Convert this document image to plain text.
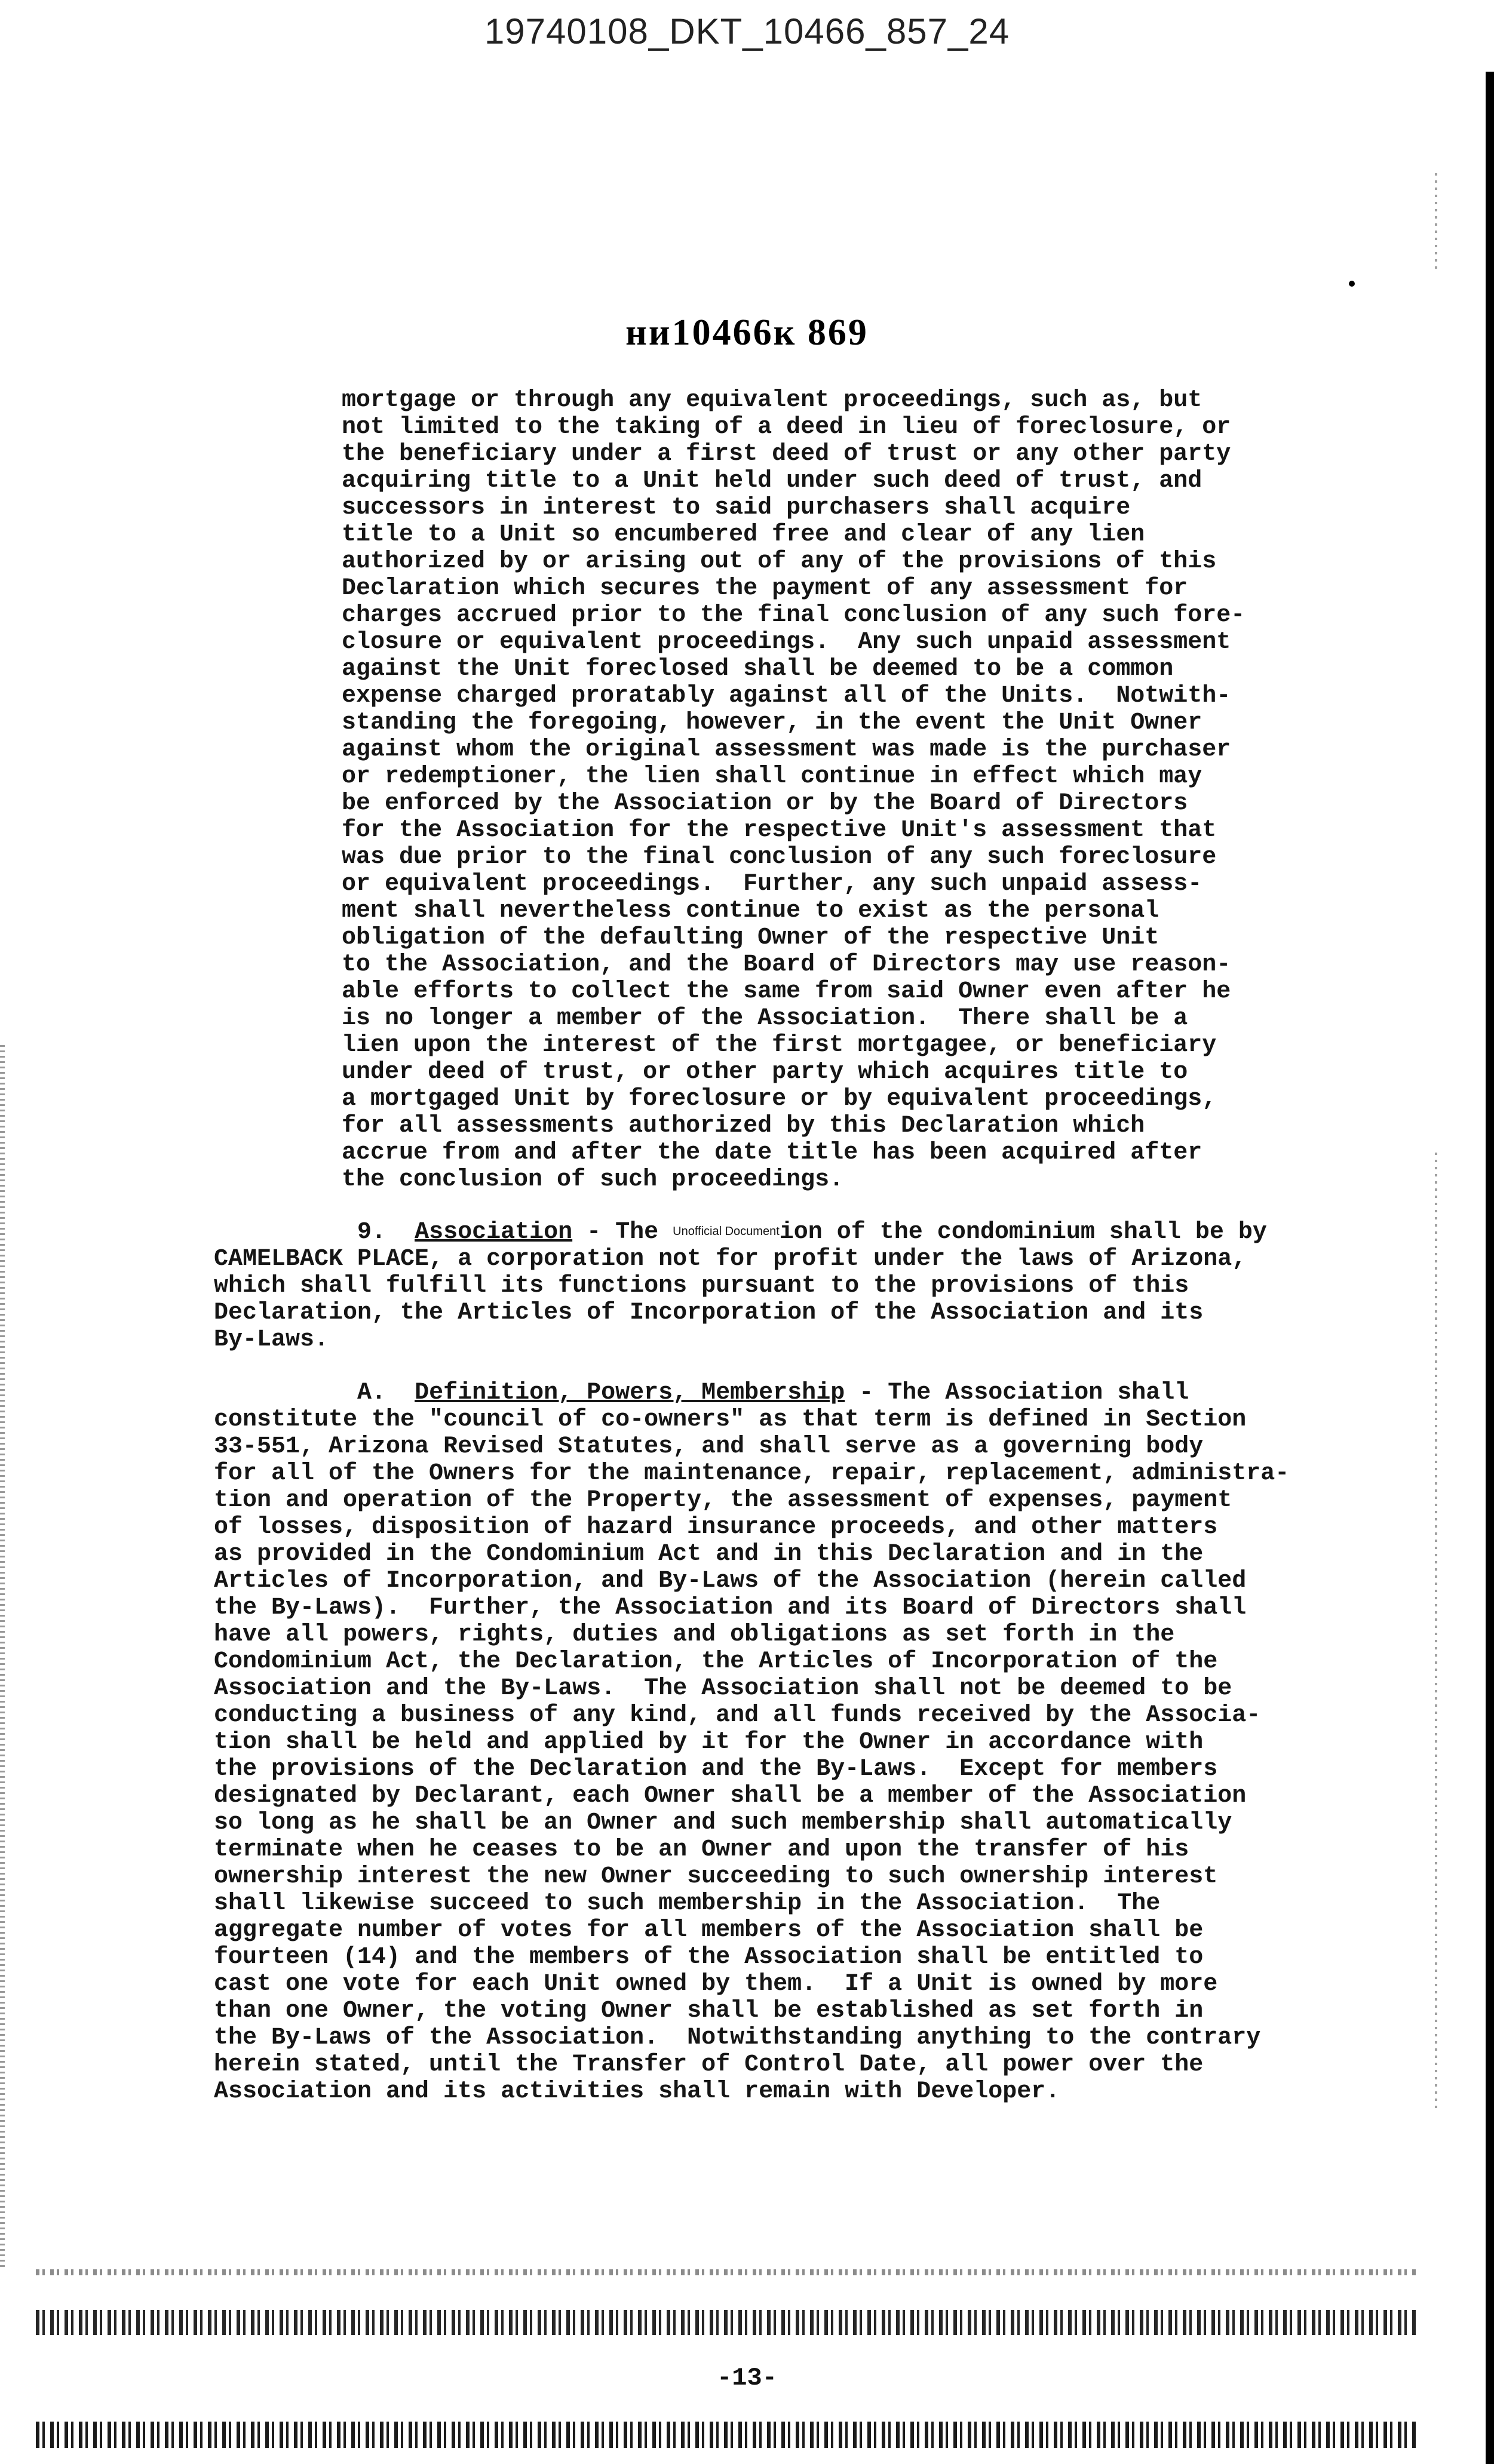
19740108_DKT_10466_857_24
ни10466к 869
mortgage or through any equivalent proceedings, such as, but
not limited to the taking of a deed in lieu of foreclosure, or
the beneficiary under a first deed of trust or any other party
acquiring title to a Unit held under such deed of trust, and
successors in interest to said purchasers shall acquire
title to a Unit so encumbered free and clear of any lien
authorized by or arising out of any of the provisions of this
Declaration which secures the payment of any assessment for
charges accrued prior to the final conclusion of any such fore-
closure or equivalent proceedings.  Any such unpaid assessment
against the Unit foreclosed shall be deemed to be a common
expense charged proratably against all of the Units.  Notwith-
standing the foregoing, however, in the event the Unit Owner
against whom the original assessment was made is the purchaser
or redemptioner, the lien shall continue in effect which may
be enforced by the Association or by the Board of Directors
for the Association for the respective Unit's assessment that
was due prior to the final conclusion of any such foreclosure
or equivalent proceedings.  Further, any such unpaid assess-
ment shall nevertheless continue to exist as the personal
obligation of the defaulting Owner of the respective Unit
to the Association, and the Board of Directors may use reason-
able efforts to collect the same from said Owner even after he
is no longer a member of the Association.  There shall be a
lien upon the interest of the first mortgagee, or beneficiary
under deed of trust, or other party which acquires title to
a mortgaged Unit by foreclosure or by equivalent proceedings,
for all assessments authorized by this Declaration which
accrue from and after the date title has been acquired after
the conclusion of such proceedings.
9. Association - The Unofficial Documention of the condominium shall be by
CAMELBACK PLACE, a corporation not for profit under the laws of Arizona,
which shall fulfill its functions pursuant to the provisions of this
Declaration, the Articles of Incorporation of the Association and its
By-Laws.
A. Definition, Powers, Membership - The Association shall
constitute the "council of co-owners" as that term is defined in Section
33-551, Arizona Revised Statutes, and shall serve as a governing body
for all of the Owners for the maintenance, repair, replacement, administra-
tion and operation of the Property, the assessment of expenses, payment
of losses, disposition of hazard insurance proceeds, and other matters
as provided in the Condominium Act and in this Declaration and in the
Articles of Incorporation, and By-Laws of the Association (herein called
the By-Laws).  Further, the Association and its Board of Directors shall
have all powers, rights, duties and obligations as set forth in the
Condominium Act, the Declaration, the Articles of Incorporation of the
Association and the By-Laws.  The Association shall not be deemed to be
conducting a business of any kind, and all funds received by the Associa-
tion shall be held and applied by it for the Owner in accordance with
the provisions of the Declaration and the By-Laws.  Except for members
designated by Declarant, each Owner shall be a member of the Association
so long as he shall be an Owner and such membership shall automatically
terminate when he ceases to be an Owner and upon the transfer of his
ownership interest the new Owner succeeding to such ownership interest
shall likewise succeed to such membership in the Association.  The
aggregate number of votes for all members of the Association shall be
fourteen (14) and the members of the Association shall be entitled to
cast one vote for each Unit owned by them.  If a Unit is owned by more
than one Owner, the voting Owner shall be established as set forth in
the By-Laws of the Association.  Notwithstanding anything to the contrary
herein stated, until the Transfer of Control Date, all power over the
Association and its activities shall remain with Developer.
-13-
